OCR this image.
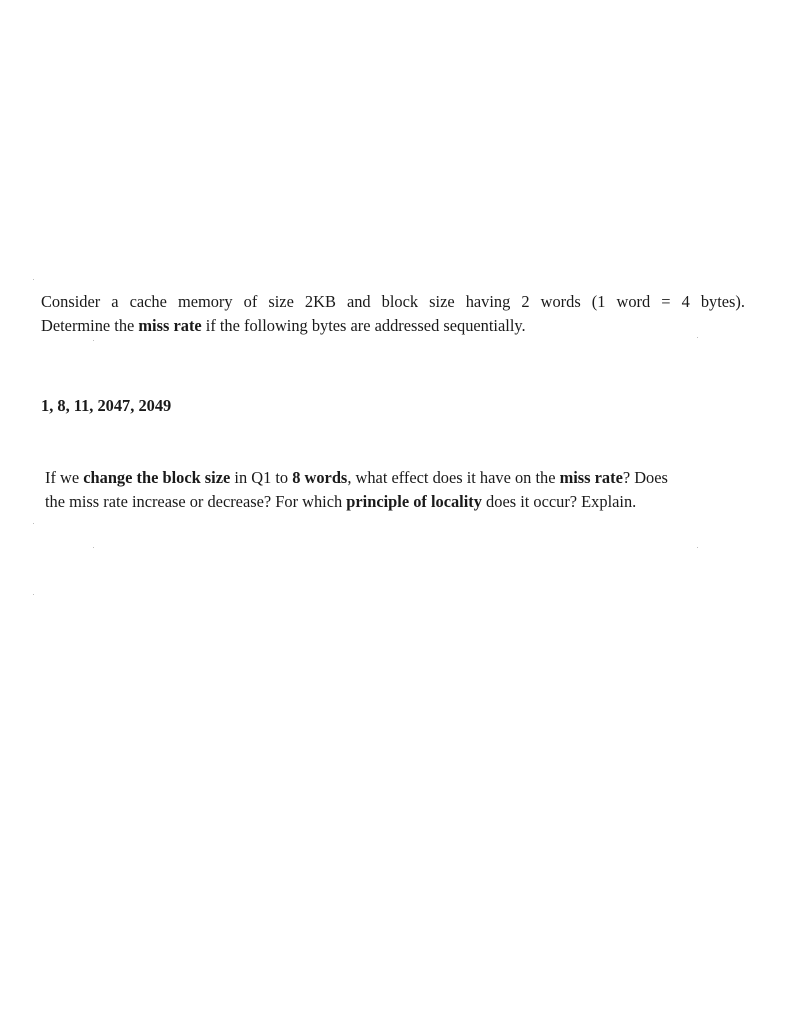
Consider a cache memory of size 2KB and block size having 2 words (1 word = 4 bytes).
Determine the miss rate if the following bytes are addressed sequentially.

1, 8, 11, 2047, 2049

If we change the block size in Q1 to 8 words, what effect does it have on the miss rate? Does
the miss rate increase or decrease? For which principle of locality does it occur? Explain.
